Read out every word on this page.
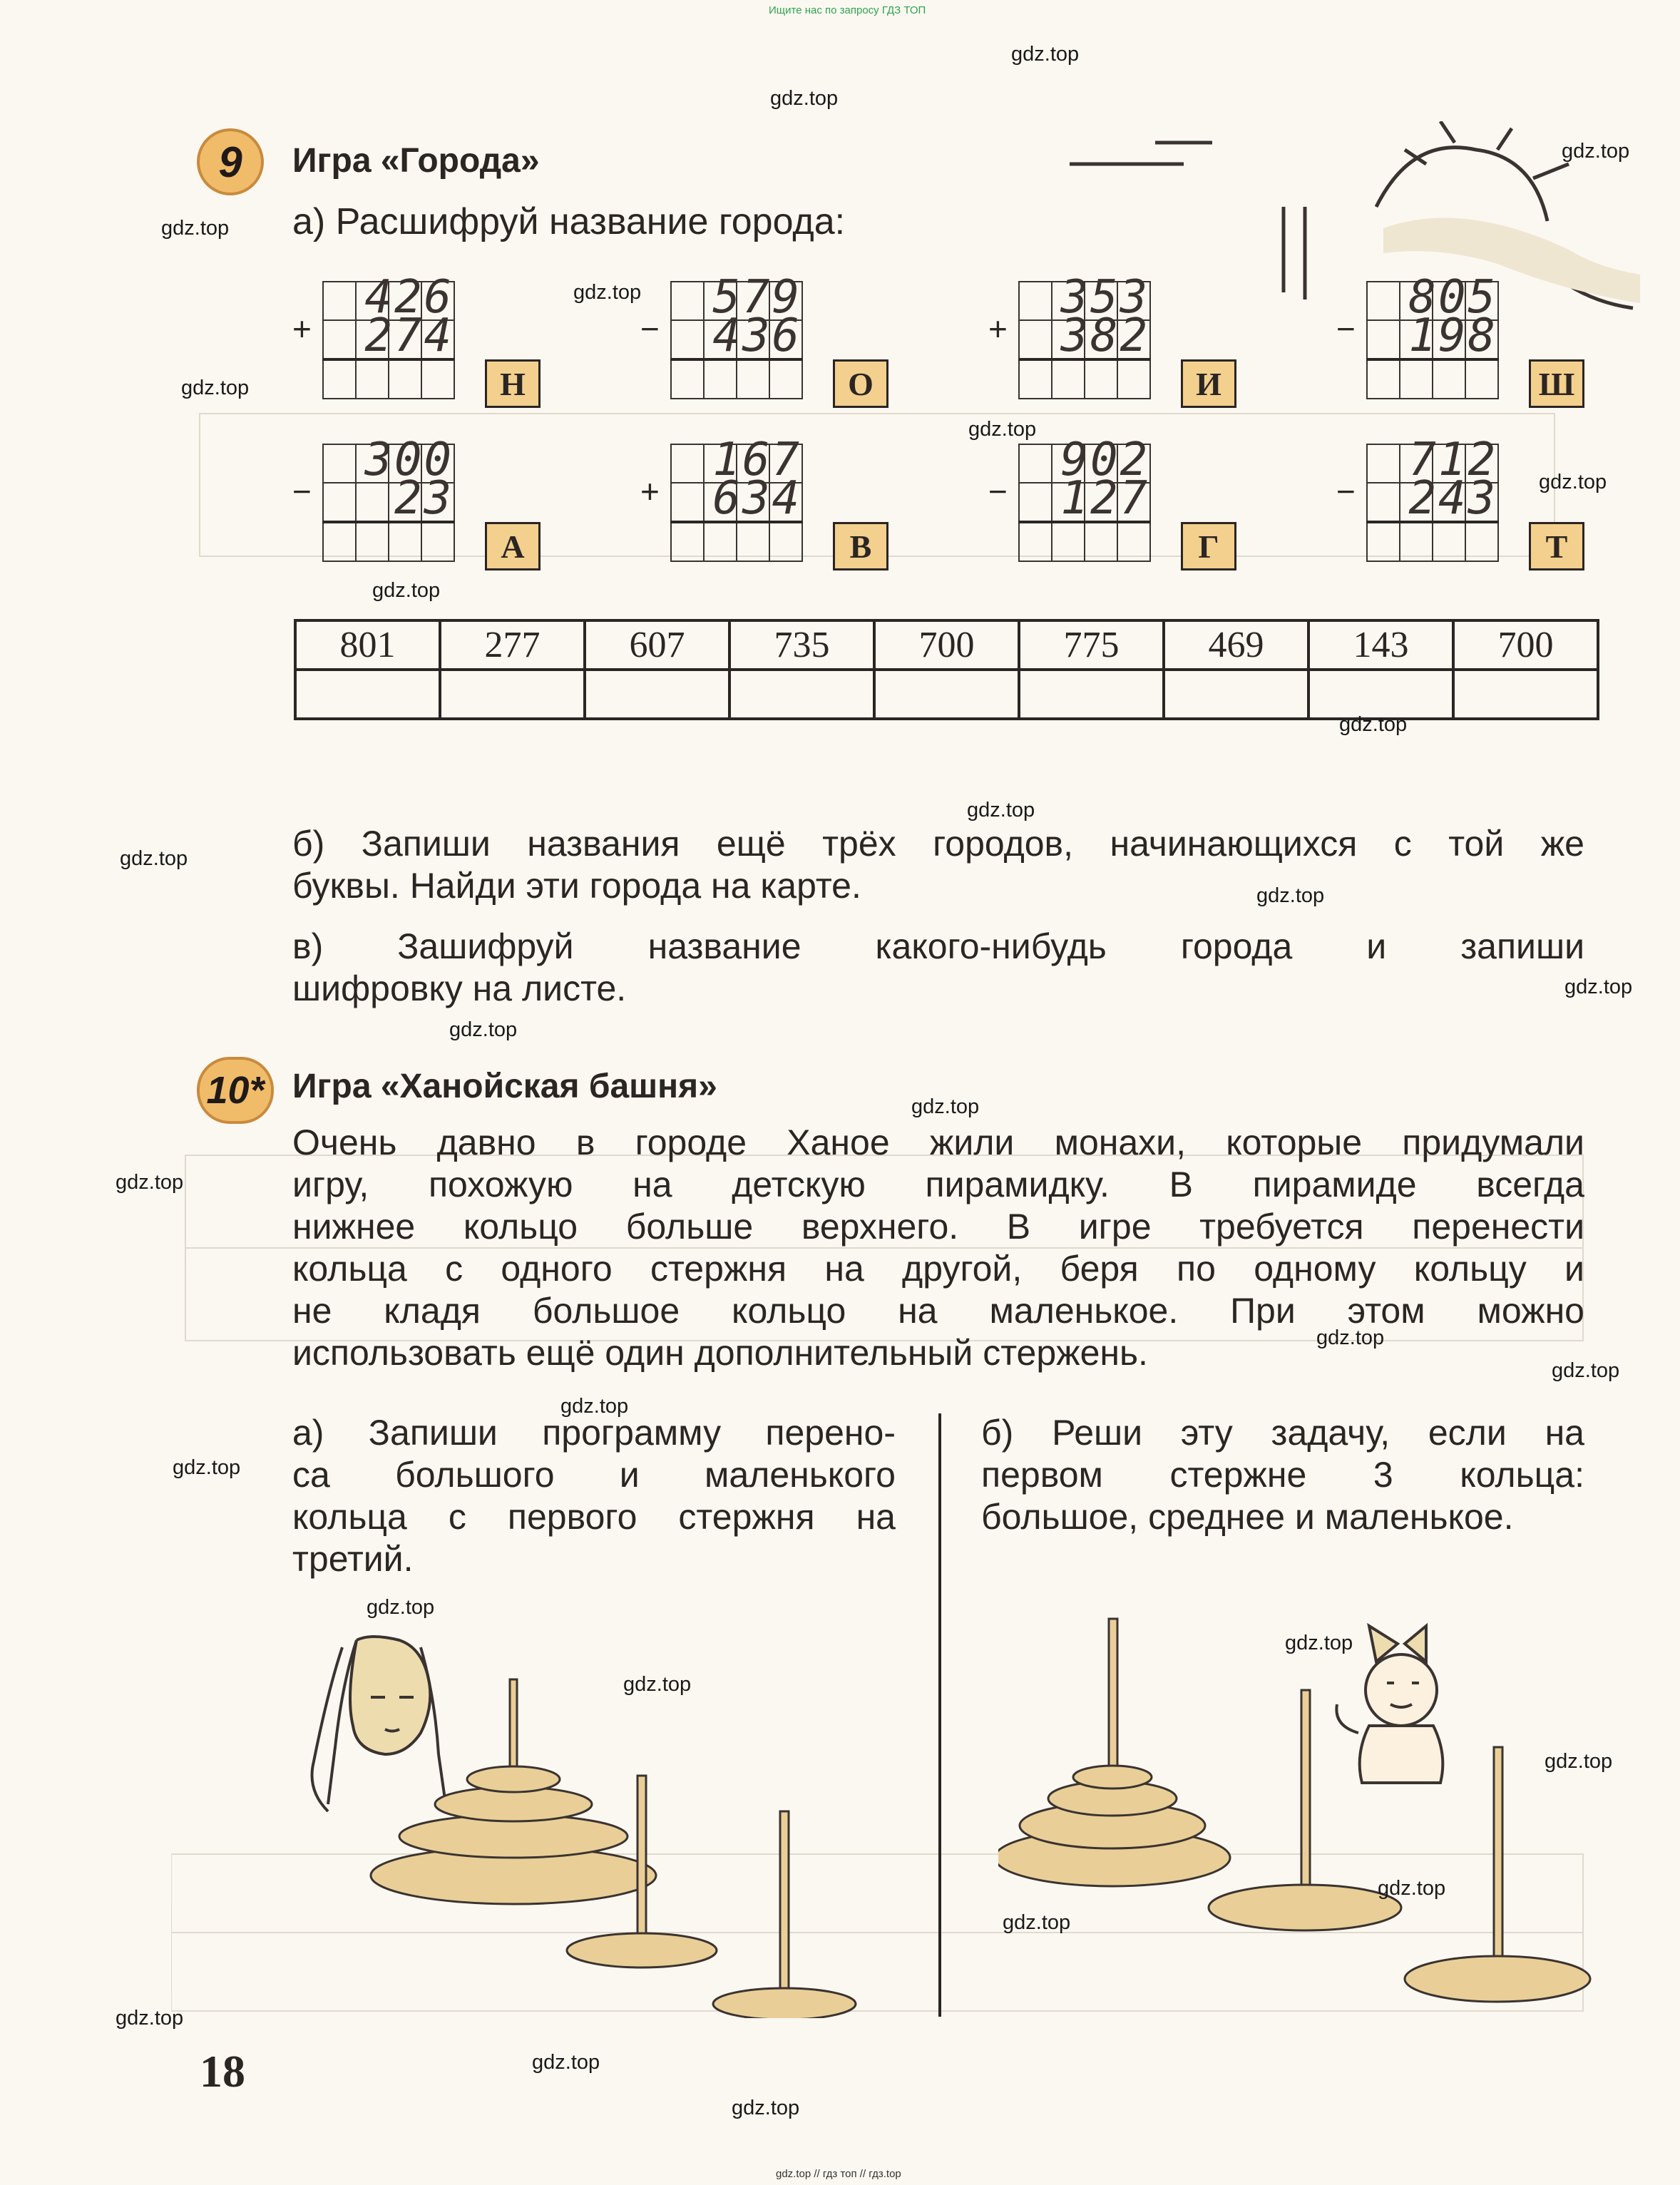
Ищите нас по запросу ГДЗ ТОП
gdz.top // гдз топ // гдз.top
9 Игра «Города»
а) Расшифруй название города:
+

426
274
Н
−

579
436
О
+

353
382
И
−

805
198
Ш
−

300
23
А
+

167
634
В
−

902
127
Г
−

712
243
Т
801	277	607	735	700	775	469	143	700

б) Запиши названия ещё трёх городов, начинающихся с той же
буквы. Найди эти города на карте.
в) Зашифруй название какого-нибудь города и запиши
шифровку на листе.
10* Игра «Ханойская башня»
Очень давно в городе Ханое жили монахи, которые придумали
игру, похожую на детскую пирамидку. В пирамиде всегда
нижнее кольцо больше верхнего. В игре требуется перенести
кольца с одного стержня на другой, беря по одному кольцу и
не кладя большое кольцо на маленькое. При этом можно
использовать ещё один дополнительный стержень.
а) Запиши программу перено-
са большого и маленького
кольца с первого стержня на
третий.
б) Реши эту задачу, если на
первом стержне 3 кольца:
большое, среднее и маленькое.
18
gdz.top
gdz.top
gdz.top
gdz.top
gdz.top
gdz.top
gdz.top
gdz.top
gdz.top
gdz.top
gdz.top
gdz.top
gdz.top
gdz.top
gdz.top
gdz.top
gdz.top
gdz.top
gdz.top
gdz.top
gdz.top
gdz.top
gdz.top
gdz.top
gdz.top
gdz.top
gdz.top
gdz.top
gdz.top
gdz.top
